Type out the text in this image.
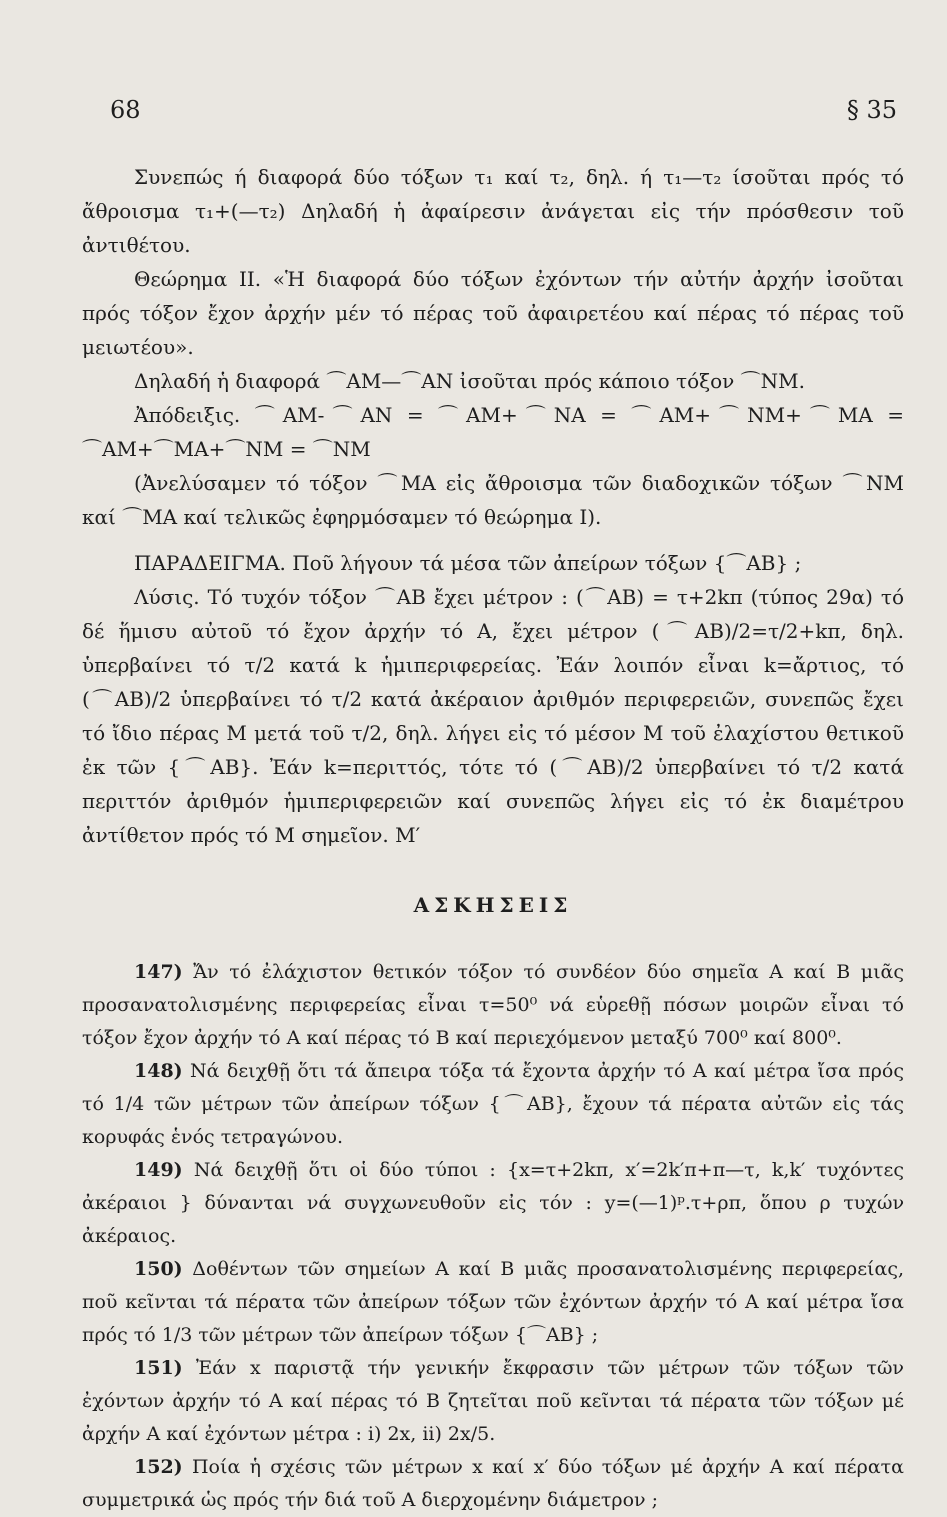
68	§ 35

Συνεπώς ή διαφορά δύο τόξων τ₁ καί τ₂, δηλ. ή τ₁—τ₂ ίσοῦται πρός τό ἄθροισμα τ₁+(—τ₂) Δηλαδή ἡ ἀφαίρεσιν ἀνάγεται εἰς τήν πρόσθεσιν τοῦ ἀντιθέτου.

Θεώρημα II. «Ἡ διαφορά δύο τόξων ἐχόντων τήν αὐτήν ἀρχήν ἰσοῦται πρός τόξον ἔχον ἀρχήν μέν τό πέρας τοῦ ἀφαιρετέου καί πέρας τό πέρας τοῦ μειωτέου».

Δηλαδή ἡ διαφορά ⌒AM—⌒AN ἰσοῦται πρός κάποιο τόξον ⌒NM.

Ἀπόδειξις. ⌒AM-⌒AN = ⌒AM+⌒NA = ⌒AM+⌒NM+⌒MA = ⌒AM+⌒MA+⌒NM = ⌒NM

(Ἀνελύσαμεν τό τόξον ⌒MA εἰς ἄθροισμα τῶν διαδοχικῶν τόξων ⌒NM καί ⌒MA καί τελικῶς ἐφηρμόσαμεν τό θεώρημα I).

ΠΑΡΑΔΕΙΓΜΑ. Ποῦ λήγουν τά μέσα τῶν ἀπείρων τόξων {⌒AB} ;

Λύσις. Τό τυχόν τόξον ⌒AB ἔχει μέτρον : (⌒AB) = τ+2kπ (τύπος 29α) τό δέ ἥμισυ αὐτοῦ τό ἔχον ἀρχήν τό A, ἔχει μέτρον (⌒AB)/2=τ/2+kπ, δηλ. ὑπερβαίνει τό τ/2 κατά k ἡμιπεριφερείας. Ἐάν λοιπόν εἶναι k=ἄρτιος, τό (⌒AB)/2 ὑπερβαίνει τό τ/2 κατά ἀκέραιον ἀριθμόν περιφερειῶν, συνεπῶς ἔχει τό ἴδιο πέρας M μετά τοῦ τ/2, δηλ. λήγει εἰς τό μέσον M τοῦ ἐλαχίστου θετικοῦ ἐκ τῶν {⌒AB}. Ἐάν k=περιττός, τότε τό (⌒AB)/2 ὑπερβαίνει τό τ/2 κατά περιττόν ἀριθμόν ἡμιπεριφερειῶν καί συνεπῶς λήγει εἰς τό ἐκ διαμέτρου ἀντίθετον πρός τό M σημεῖον. M′

ΑΣΚΗΣΕΙΣ

147) Ἄν τό ἐλάχιστον θετικόν τόξον τό συνδέον δύο σημεῖα A καί B μιᾶς προσανατολισμένης περιφερείας εἶναι τ=50⁰ νά εὑρεθῇ πόσων μοιρῶν εἶναι τό τόξον ἔχον ἀρχήν τό A καί πέρας τό B καί περιεχόμενον μεταξύ 700⁰ καί 800⁰.

148) Νά δειχθῇ ὅτι τά ἄπειρα τόξα τά ἔχοντα ἀρχήν τό A καί μέτρα ἴσα πρός τό 1/4 τῶν μέτρων τῶν ἀπείρων τόξων {⌒AB}, ἔχουν τά πέρατα αὐτῶν εἰς τάς κορυφάς ἑνός τετραγώνου.

149) Νά δειχθῇ ὅτι οἱ δύο τύποι : {x=τ+2kπ, x′=2k′π+π—τ, k,k′ τυχόντες ἀκέραιοι } δύνανται νά συγχωνευθοῦν εἰς τόν : y=(—1)ᵖ.τ+ρπ, ὅπου ρ τυχών ἀκέραιος.

150) Δοθέντων τῶν σημείων A καί B μιᾶς προσανατολισμένης περιφερείας, ποῦ κεῖνται τά πέρατα τῶν ἀπείρων τόξων τῶν ἐχόντων ἀρχήν τό A καί μέτρα ἴσα πρός τό 1/3 τῶν μέτρων τῶν ἀπείρων τόξων {⌒AB} ;

151) Ἐάν x παριστᾷ τήν γενικήν ἔκφρασιν τῶν μέτρων τῶν τόξων τῶν ἐχόντων ἀρχήν τό A καί πέρας τό B ζητεῖται ποῦ κεῖνται τά πέρατα τῶν τόξων μέ ἀρχήν A καί ἐχόντων μέτρα : i) 2x, ii) 2x/5.

152) Ποία ἡ σχέσις τῶν μέτρων x καί x′ δύο τόξων μέ ἀρχήν A καί πέρατα συμμετρικά ὡς πρός τήν διά τοῦ A διερχομένην διάμετρον ;
